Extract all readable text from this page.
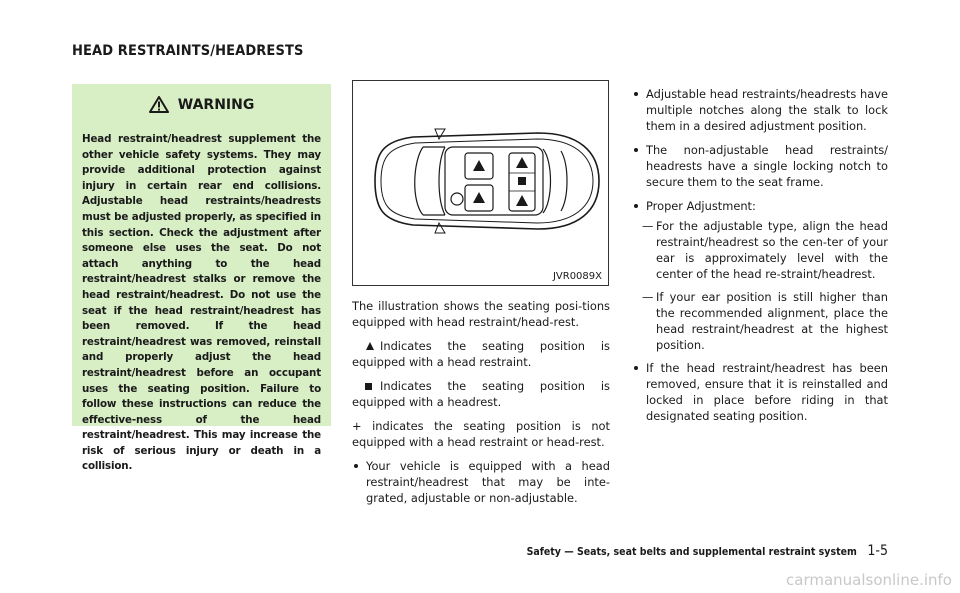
HEAD RESTRAINTS/HEADRESTS
WARNING
Head restraint/headrest supplement the other vehicle safety systems. They may provide additional protection against injury in certain rear end collisions. Adjustable head restraints/headrests must be adjusted properly, as specified in this section. Check the adjustment after someone else uses the seat. Do not attach anything to the head restraint/headrest stalks or remove the head restraint/headrest. Do not use the seat if the head restraint/headrest has been removed. If the head restraint/headrest was removed, reinstall and properly adjust the head restraint/headrest before an occupant uses the seating position. Failure to follow these instructions can reduce the effective-ness of the head restraint/headrest. This may increase the risk of serious injury or death in a collision.
JVR0089X

The illustration shows the seating posi-tions equipped with head restraint/head-rest.

Indicates the seating position is equipped with a head restraint.

Indicates the seating position is equipped with a headrest.

+ indicates the seating position is not equipped with a head restraint or head-rest.

Your vehicle is equipped with a head restraint/headrest that may be inte-grated, adjustable or non-adjustable.
Adjustable head restraints/headrests have multiple notches along the stalk to lock them in a desired adjustment position.
The non-adjustable head restraints/ headrests have a single locking notch to secure them to the seat frame.
Proper Adjustment:
— For the adjustable type, align the head restraint/headrest so the cen-ter of your ear is approximately level with the center of the head re-straint/headrest.
— If your ear position is still higher than the recommended alignment, place the head restraint/headrest at the highest position.
If the head restraint/headrest has been removed, ensure that it is reinstalled and locked in place before riding in that designated seating position.
Safety — Seats, seat belts and supplemental restraint system 1-5
carmanualsonline.info
